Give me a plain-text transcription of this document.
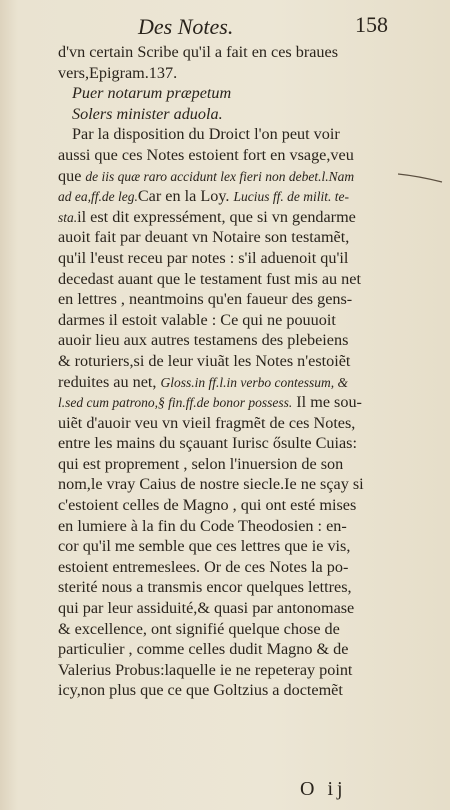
Des Notes.	158
d'vn certain Scribe qu'il a fait en ces braues
vers,Epigram.137.
Puer notarum præpetum
Solers minister aduola.
Par la disposition du Droict l'on peut voir
aussi que ces Notes estoient fort en vsage,veu
que de iis quæ raro accidunt lex fieri non debet.l.Nam
ad ea,ff.de leg.Car en la Loy. Lucius ff. de milit. te-
sta.il est dit expressément, que si vn gendarme
auoit fait par deuant vn Notaire son testamẽt,
qu'il l'eust receu par notes : s'il aduenoit qu'il
decedast auant que le testament fust mis au net
en lettres , neantmoins qu'en faueur des gens-
darmes il estoit valable : Ce qui ne pouuoit
auoir lieu aux autres testamens des plebeiens
& roturiers,si de leur viuãt les Notes n'estoiẽt
reduites au net, Gloss.in ff.l.in verbo contessum, &
l.sed cum patrono,§ fin.ff.de bonor possess. Il me sou-
uiẽt d'auoir veu vn vieil fragmẽt de ces Notes,
entre les mains du sçauant Iurisc ősulte Cuias:
qui est proprement , selon l'inuersion de son
nom,le vray Caius de nostre siecle.Ie ne sçay si
c'estoient celles de Magno , qui ont esté mises
en lumiere à la fin du Code Theodosien : en-
cor qu'il me semble que ces lettres que ie vis,
estoient entremeslees. Or de ces Notes la po-
sterité nous a transmis encor quelques lettres,
qui par leur assiduité,& quasi par antonomase
& excellence, ont signifié quelque chose de
particulier , comme celles dudit Magno & de
Valerius Probus:laquelle ie ne repeteray point
icy,non plus que ce que Goltzius a doctemẽt
O ij
